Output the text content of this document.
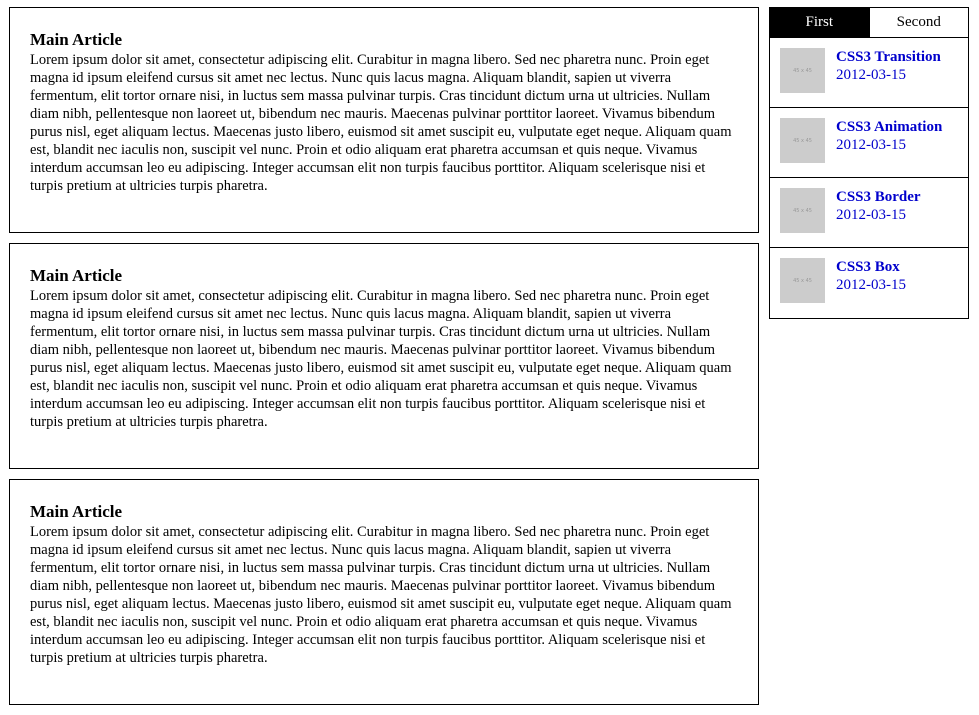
Main Article

Lorem ipsum dolor sit amet, consectetur adipiscing elit. Curabitur in magna libero. Sed nec pharetra nunc. Proin eget magna id ipsum eleifend cursus sit amet nec lectus. Nunc quis lacus magna. Aliquam blandit, sapien ut viverra fermentum, elit tortor ornare nisi, in luctus sem massa pulvinar turpis. Cras tincidunt dictum urna ut ultricies. Nullam diam nibh, pellentesque non laoreet ut, bibendum nec mauris. Maecenas pulvinar porttitor laoreet. Vivamus bibendum purus nisl, eget aliquam lectus. Maecenas justo libero, euismod sit amet suscipit eu, vulputate eget neque. Aliquam quam est, blandit nec iaculis non, suscipit vel nunc. Proin et odio aliquam erat pharetra accumsan et quis neque. Vivamus interdum accumsan leo eu adipiscing. Integer accumsan elit non turpis faucibus porttitor. Aliquam scelerisque nisi et turpis pretium at ultricies turpis pharetra.

Main Article

Lorem ipsum dolor sit amet, consectetur adipiscing elit. Curabitur in magna libero. Sed nec pharetra nunc. Proin eget magna id ipsum eleifend cursus sit amet nec lectus. Nunc quis lacus magna. Aliquam blandit, sapien ut viverra fermentum, elit tortor ornare nisi, in luctus sem massa pulvinar turpis. Cras tincidunt dictum urna ut ultricies. Nullam diam nibh, pellentesque non laoreet ut, bibendum nec mauris. Maecenas pulvinar porttitor laoreet. Vivamus bibendum purus nisl, eget aliquam lectus. Maecenas justo libero, euismod sit amet suscipit eu, vulputate eget neque. Aliquam quam est, blandit nec iaculis non, suscipit vel nunc. Proin et odio aliquam erat pharetra accumsan et quis neque. Vivamus interdum accumsan leo eu adipiscing. Integer accumsan elit non turpis faucibus porttitor. Aliquam scelerisque nisi et turpis pretium at ultricies turpis pharetra.

Main Article

Lorem ipsum dolor sit amet, consectetur adipiscing elit. Curabitur in magna libero. Sed nec pharetra nunc. Proin eget magna id ipsum eleifend cursus sit amet nec lectus. Nunc quis lacus magna. Aliquam blandit, sapien ut viverra fermentum, elit tortor ornare nisi, in luctus sem massa pulvinar turpis. Cras tincidunt dictum urna ut ultricies. Nullam diam nibh, pellentesque non laoreet ut, bibendum nec mauris. Maecenas pulvinar porttitor laoreet. Vivamus bibendum purus nisl, eget aliquam lectus. Maecenas justo libero, euismod sit amet suscipit eu, vulputate eget neque. Aliquam quam est, blandit nec iaculis non, suscipit vel nunc. Proin et odio aliquam erat pharetra accumsan et quis neque. Vivamus interdum accumsan leo eu adipiscing. Integer accumsan elit non turpis faucibus porttitor. Aliquam scelerisque nisi et turpis pretium at ultricies turpis pharetra.

First	Second
45 x 45
CSS3 Transition
2012-03-15
45 x 45
CSS3 Animation
2012-03-15
45 x 45
CSS3 Border
2012-03-15
45 x 45
CSS3 Box
2012-03-15
